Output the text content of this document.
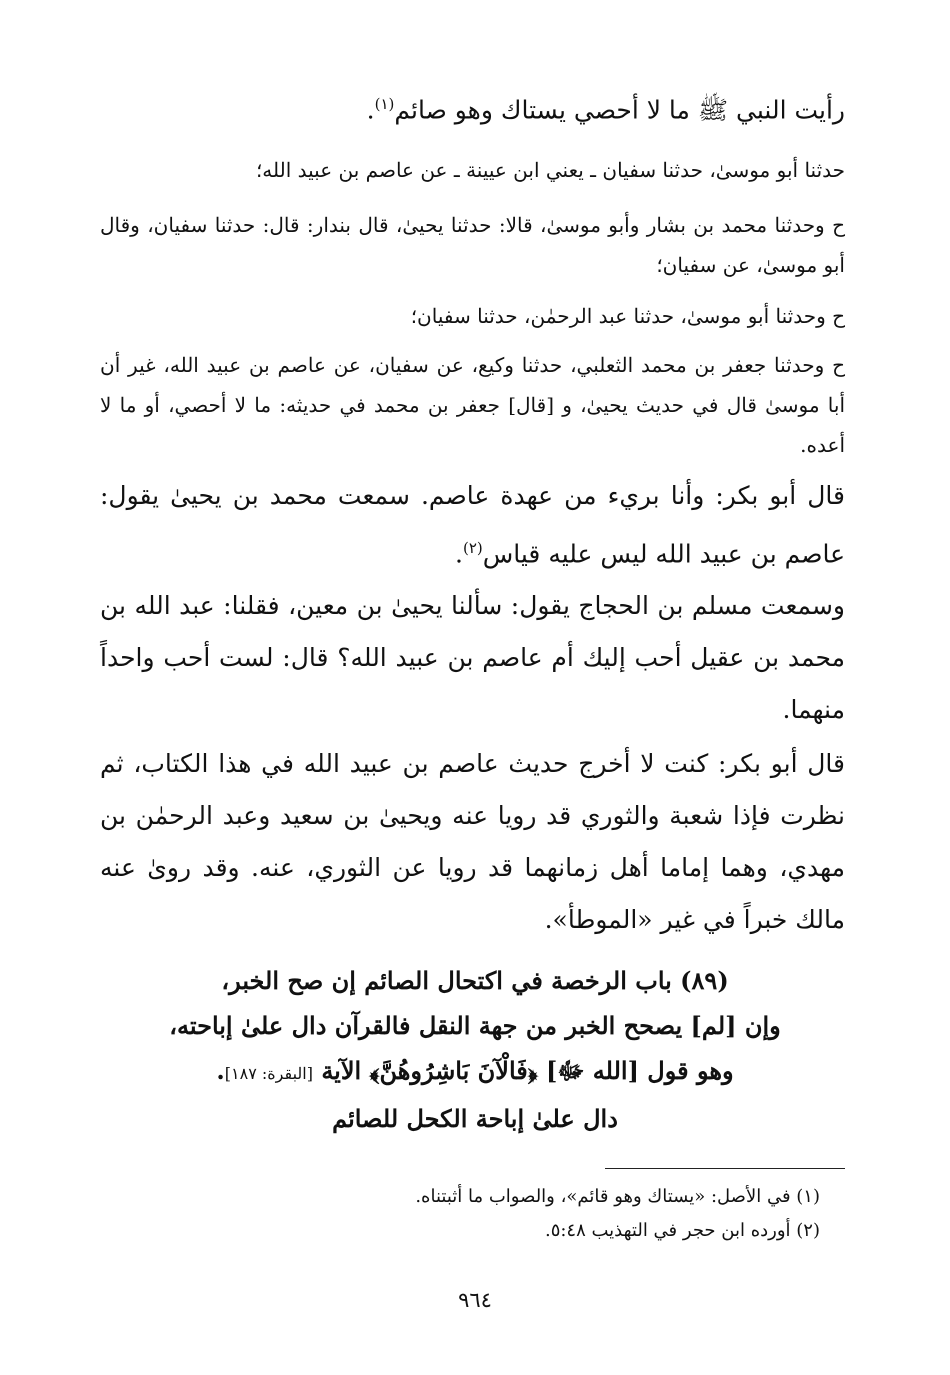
رأيت النبي ﷺ ما لا أحصي يستاك وهو صائم$^{(١)}$.
حدثنا أبو موسىٰ، حدثنا سفيان ـ يعني ابن عيينة ـ عن عاصم بن عبيد الله؛
ح وحدثنا محمد بن بشار وأبو موسىٰ، قالا: حدثنا يحيىٰ، قال بندار: قال: حدثنا سفيان، وقال أبو موسىٰ، عن سفيان؛
ح وحدثنا أبو موسىٰ، حدثنا عبد الرحمٰن، حدثنا سفيان؛
ح وحدثنا جعفر بن محمد الثعلبي، حدثنا وكيع، عن سفيان، عن عاصم بن عبيد الله، غير أن أبا موسىٰ قال في حديث يحيىٰ، و [قال] جعفر بن محمد في حديثه: ما لا أحصي، أو ما لا أعده.
قال أبو بكر: وأنا بريء من عهدة عاصم. سمعت محمد بن يحيىٰ يقول: عاصم بن عبيد الله ليس عليه قياس$^{(٢)}$.
وسمعت مسلم بن الحجاج يقول: سألنا يحيىٰ بن معين، فقلنا: عبد الله بن محمد بن عقيل أحب إليك أم عاصم بن عبيد الله؟ قال: لست أحب واحداً منهما.
قال أبو بكر: كنت لا أخرج حديث عاصم بن عبيد الله في هذا الكتاب، ثم نظرت فإذا شعبة والثوري قد رويا عنه ويحيىٰ بن سعيد وعبد الرحمٰن بن مهدي، وهما إماما أهل زمانهما قد رويا عن الثوري، عنه. وقد روىٰ عنه مالك خبراً في غير «الموطأ».
(٨٩) باب الرخصة في اكتحال الصائم إن صح الخبر،
وإن [لم] يصحح الخبر من جهة النقل فالقرآن دال علىٰ إباحته،
وهو قول [الله ﷻ] ﴿فَالْآنَ بَاشِرُوهُنَّ﴾ الآية [البقرة: ١٨٧].
دال علىٰ إباحة الكحل للصائم
(١) في الأصل: «يستاك وهو قائم»، والصواب ما أثبتناه.
(٢) أورده ابن حجر في التهذيب ٥:٤٨.
٩٦٤
